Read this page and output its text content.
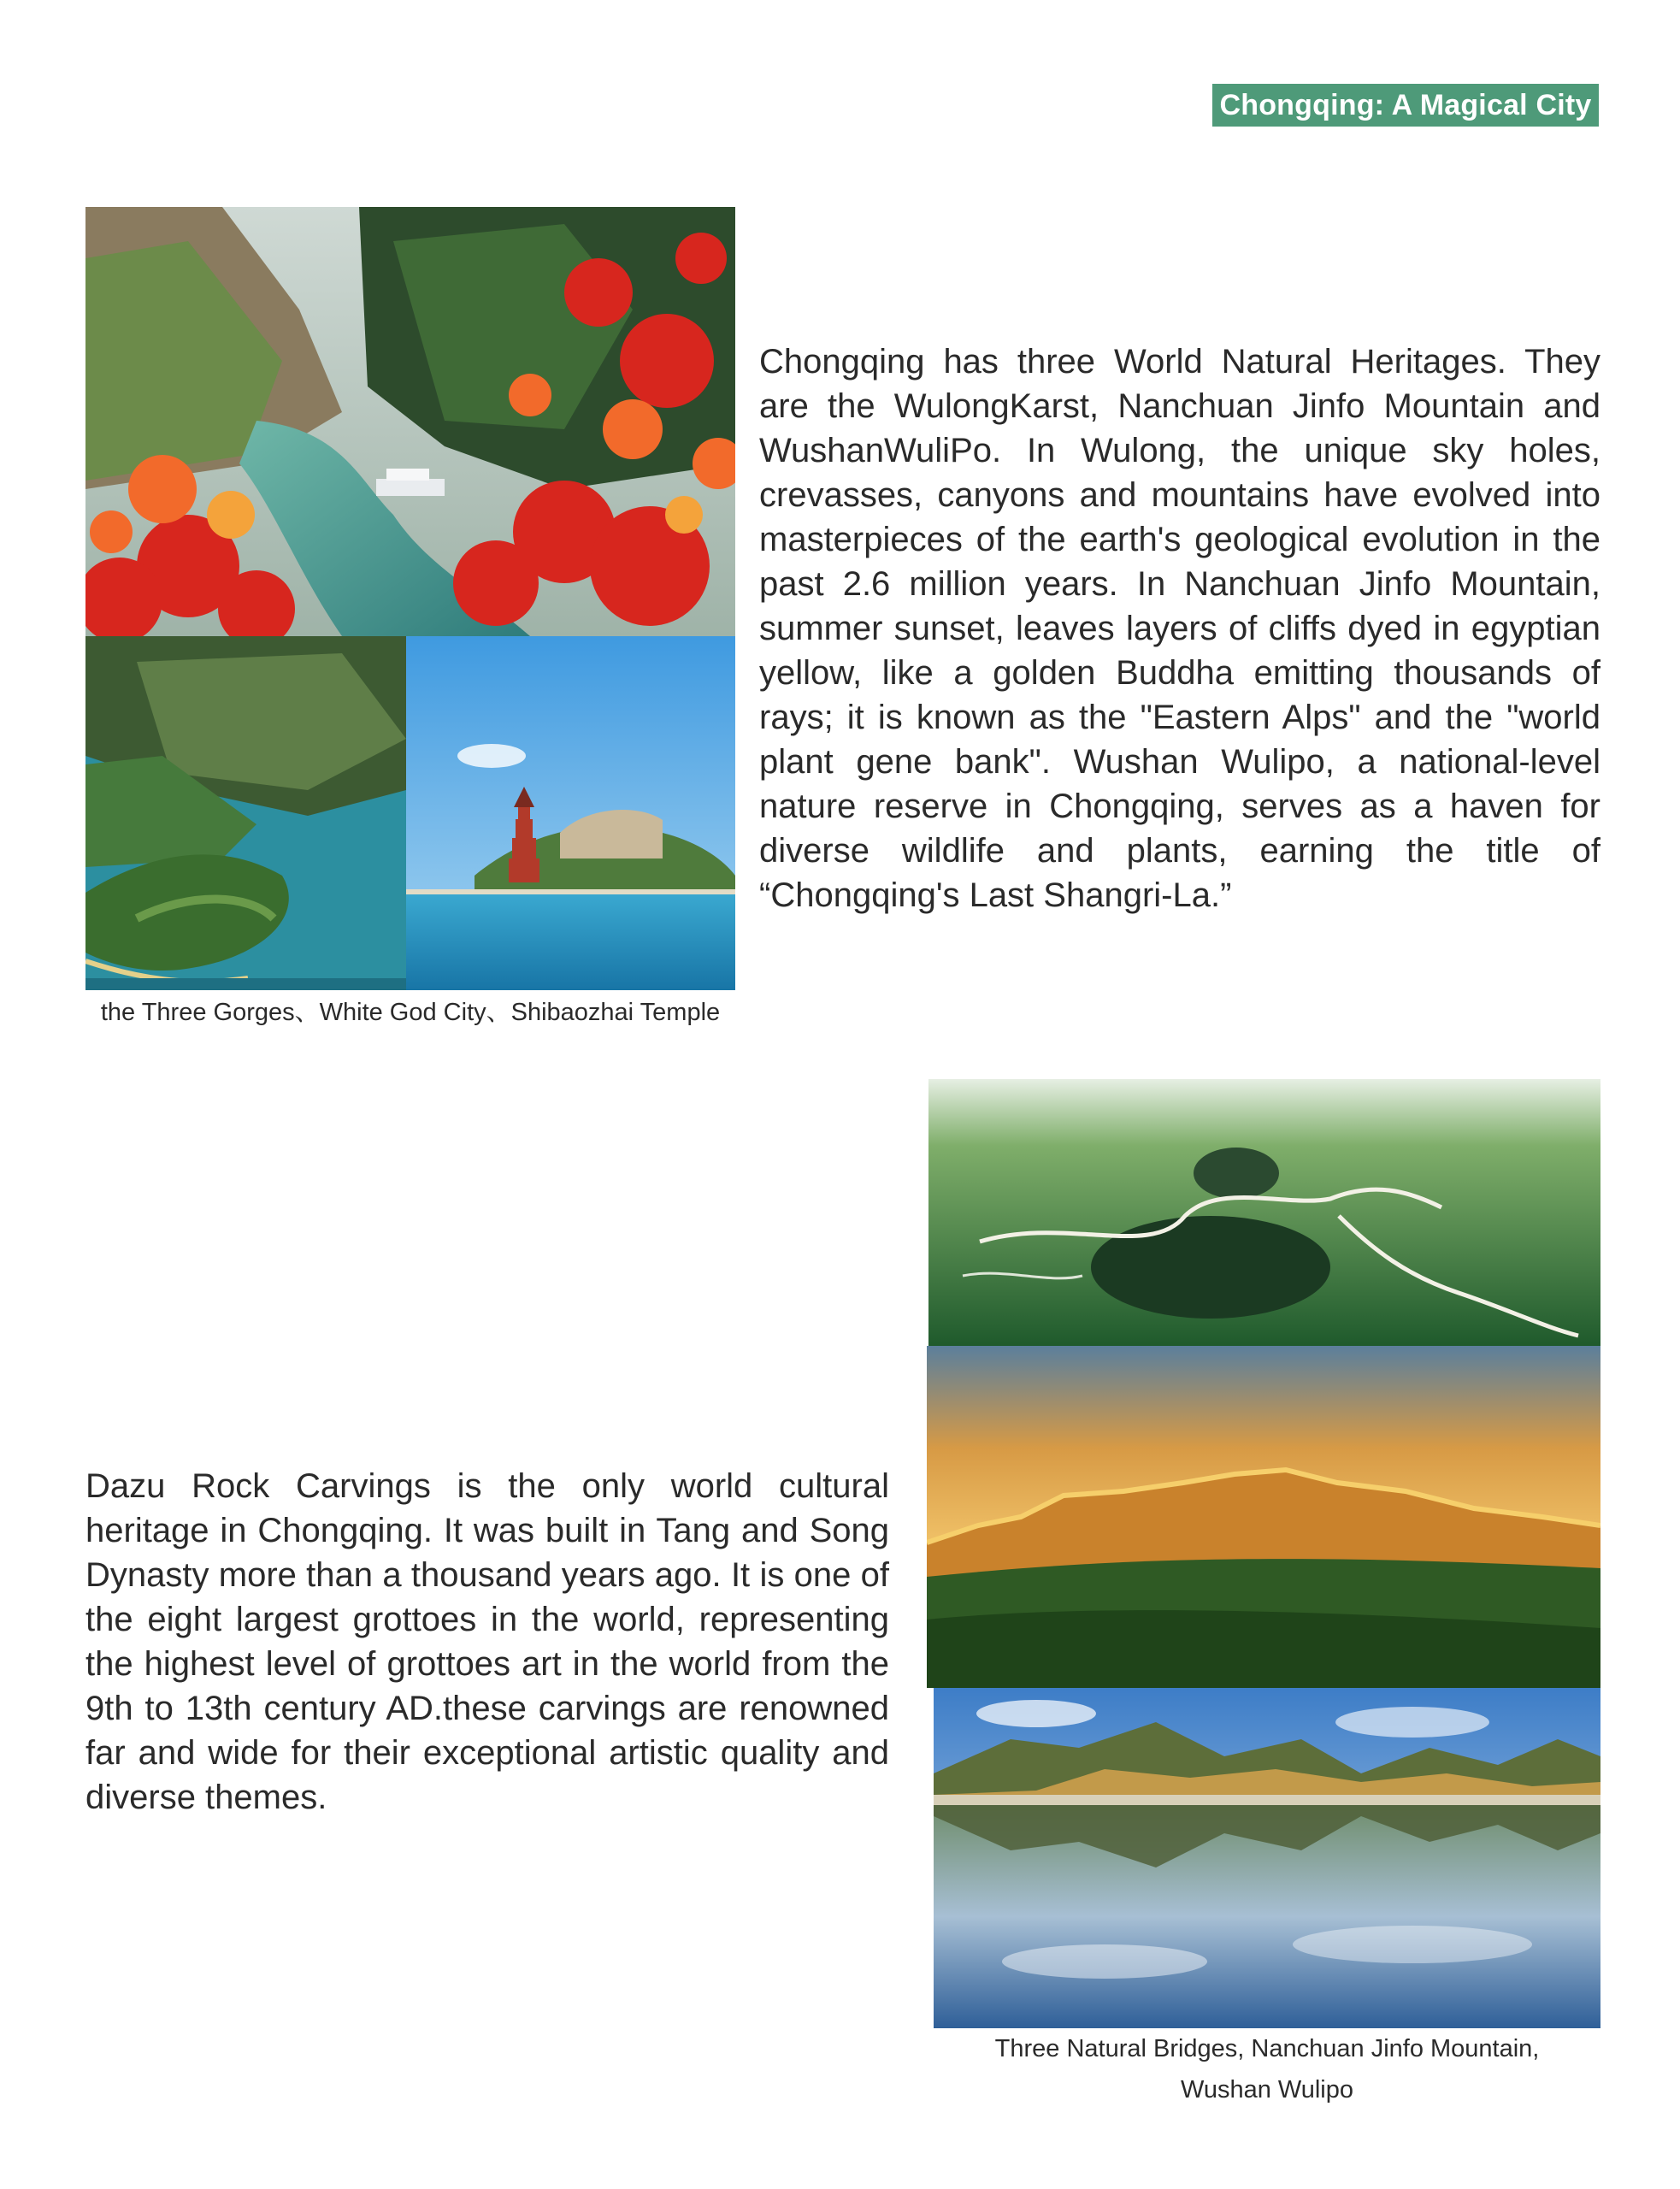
Chongqing: A Magical City

Chongqing has three World Natural Heritages. They are the WulongKarst, Nanchuan Jinfo Mountain and WushanWuliPo. In Wulong, the unique sky holes, crevasses, canyons and mountains have evolved into masterpieces of the earth's geological evolution in the past 2.6 million years. In Nanchuan Jinfo Mountain, summer sunset, leaves layers of cliffs dyed in egyptian yellow, like a golden Buddha emitting thousands of rays; it is known as the "Eastern Alps" and the "world plant gene bank". Wushan Wulipo, a national-level nature reserve in Chongqing, serves as a haven for diverse wildlife and plants, earning the title of “Chongqing's Last Shangri-La.”

the Three Gorges、White God City、Shibaozhai Temple

Dazu Rock Carvings is the only world cultural heritage in Chongqing. It was built in Tang and Song Dynasty more than a thousand years ago. It is one of the eight largest grottoes in the world, representing the highest level of grottoes art in the world from the 9th to 13th century AD.these carvings are renowned far and wide for their exceptional artistic quality and diverse themes.

Three Natural Bridges, Nanchuan Jinfo Mountain,
Wushan Wulipo
